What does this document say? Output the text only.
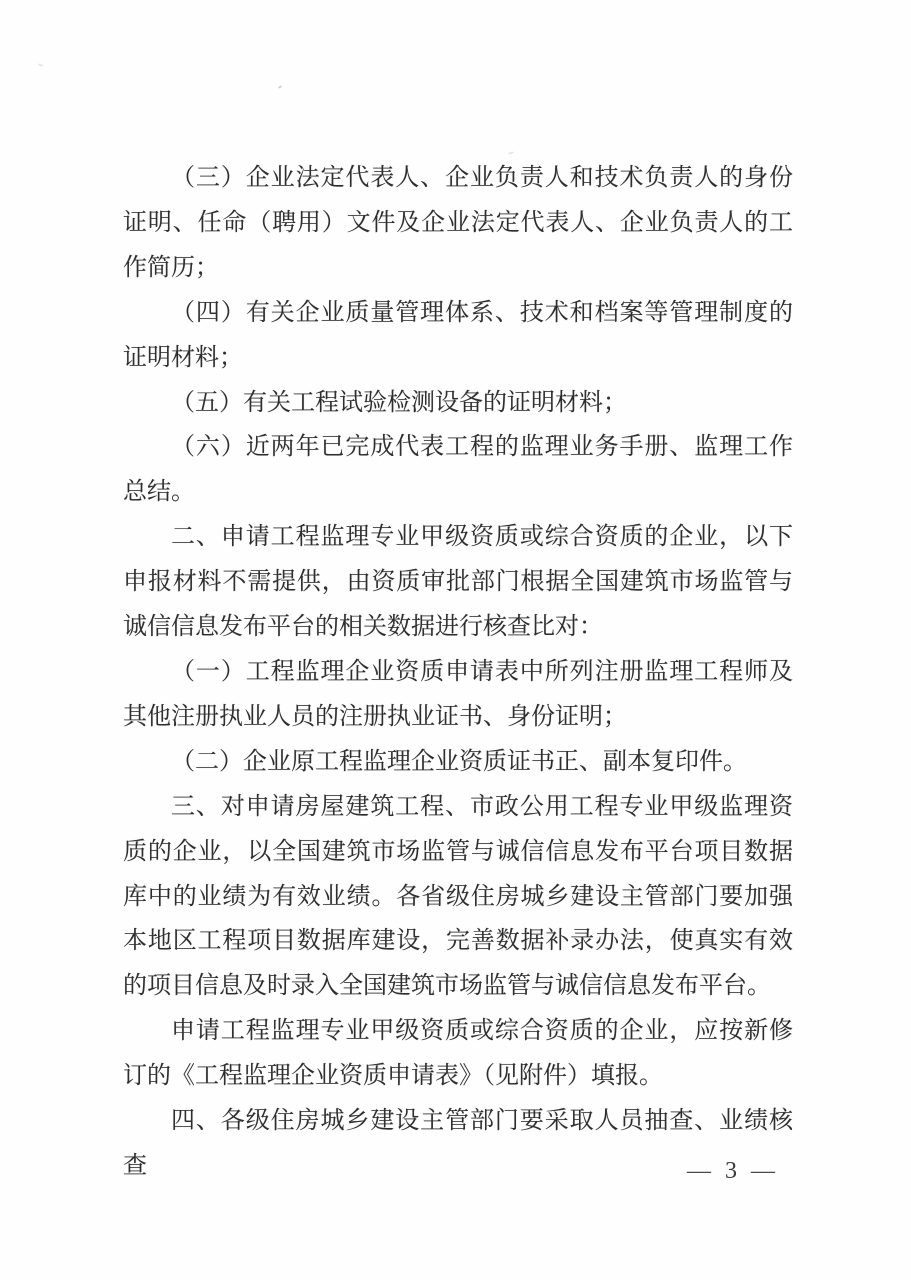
（三）企业法定代表人、企业负责人和技术负责人的身份证明、任命（聘用）文件及企业法定代表人、企业负责人的工作简历；

（四）有关企业质量管理体系、技术和档案等管理制度的证明材料；

（五）有关工程试验检测设备的证明材料；

（六）近两年已完成代表工程的监理业务手册、监理工作总结。

二、申请工程监理专业甲级资质或综合资质的企业，以下申报材料不需提供，由资质审批部门根据全国建筑市场监管与诚信信息发布平台的相关数据进行核查比对：

（一）工程监理企业资质申请表中所列注册监理工程师及其他注册执业人员的注册执业证书、身份证明；

（二）企业原工程监理企业资质证书正、副本复印件。

三、对申请房屋建筑工程、市政公用工程专业甲级监理资质的企业，以全国建筑市场监管与诚信信息发布平台项目数据库中的业绩为有效业绩。各省级住房城乡建设主管部门要加强本地区工程项目数据库建设，完善数据补录办法，使真实有效的项目信息及时录入全国建筑市场监管与诚信信息发布平台。

申请工程监理专业甲级资质或综合资质的企业，应按新修订的《工程监理企业资质申请表》（见附件）填报。

四、各级住房城乡建设主管部门要采取人员抽查、业绩核查	— 3 —
